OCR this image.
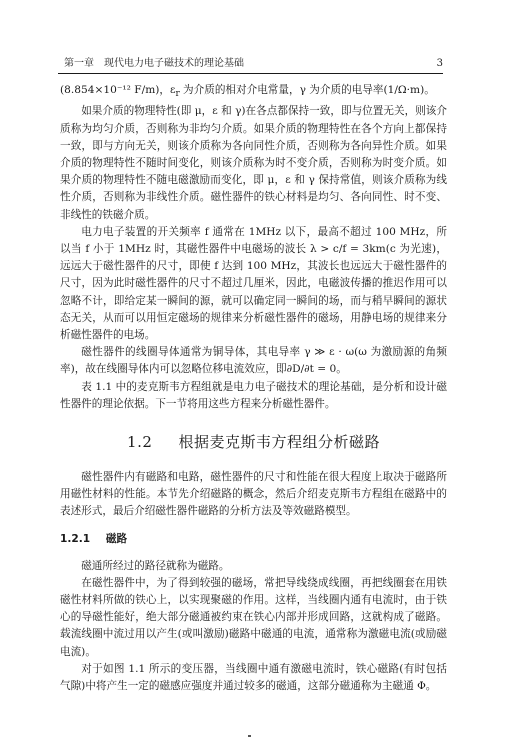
第一章　现代电力电子磁技术的理论基础	3

(8.854×10⁻¹² F/m)，$\varepsilon_r$ 为介质的相对介电常量，γ 为介质的电导率(1/Ω·m)。

如果介质的物理特性(即 μ，ε 和 γ)在各点都保持一致，即与位置无关，则该介质称为均匀介质，否则称为非均匀介质。如果介质的物理特性在各个方向上都保持一致，即与方向无关，则该介质称为各向同性介质，否则称为各向异性介质。如果介质的物理特性不随时间变化，则该介质称为时不变介质，否则称为时变介质。如果介质的物理特性不随电磁激励而变化，即 μ，ε 和 γ 保持常值，则该介质称为线性介质，否则称为非线性介质。磁性器件的铁心材料是均匀、各向同性、时不变、非线性的铁磁介质。

电力电子装置的开关频率 f 通常在 1MHz 以下，最高不超过 100 MHz，所以当 f 小于 1MHz 时，其磁性器件中电磁场的波长 λ > c/f = 3km(c 为光速)，远远大于磁性器件的尺寸，即使 f 达到 100 MHz，其波长也远远大于磁性器件的尺寸，因为此时磁性器件的尺寸不超过几厘米，因此，电磁波传播的推迟作用可以忽略不计，即给定某一瞬间的源，就可以确定同一瞬间的场，而与稍早瞬间的源状态无关，从而可以用恒定磁场的规律来分析磁性器件的磁场，用静电场的规律来分析磁性器件的电场。

磁性器件的线圈导体通常为铜导体，其电导率 γ ≫ ε · ω(ω 为激励源的角频率)，故在线圈导体内可以忽略位移电流效应，即∂D/∂t = 0。

表 1.1 中的麦克斯韦方程组就是电力电子磁技术的理论基础，是分析和设计磁性器件的理论依据。下一节将用这些方程来分析磁性器件。

1.2   根据麦克斯韦方程组分析磁路

磁性器件内有磁路和电路，磁性器件的尺寸和性能在很大程度上取决于磁路所用磁性材料的性能。本节先介绍磁路的概念，然后介绍麦克斯韦方程组在磁路中的表述形式，最后介绍磁性器件磁路的分析方法及等效磁路模型。

1.2.1 磁路

磁通所经过的路径就称为磁路。

在磁性器件中，为了得到较强的磁场，常把导线绕成线圈，再把线圈套在用铁磁性材料所做的铁心上，以实现聚磁的作用。这样，当线圈内通有电流时，由于铁心的导磁性能好，绝大部分磁通被约束在铁心内部并形成回路，这就构成了磁路。载流线圈中流过用以产生(或叫激励)磁路中磁通的电流，通常称为激磁电流(或励磁电流)。

对于如图 1.1 所示的变压器，当线圈中通有激磁电流时，铁心磁路(有时包括气隙)中将产生一定的磁感应强度并通过较多的磁通，这部分磁通称为主磁通 Φ。
